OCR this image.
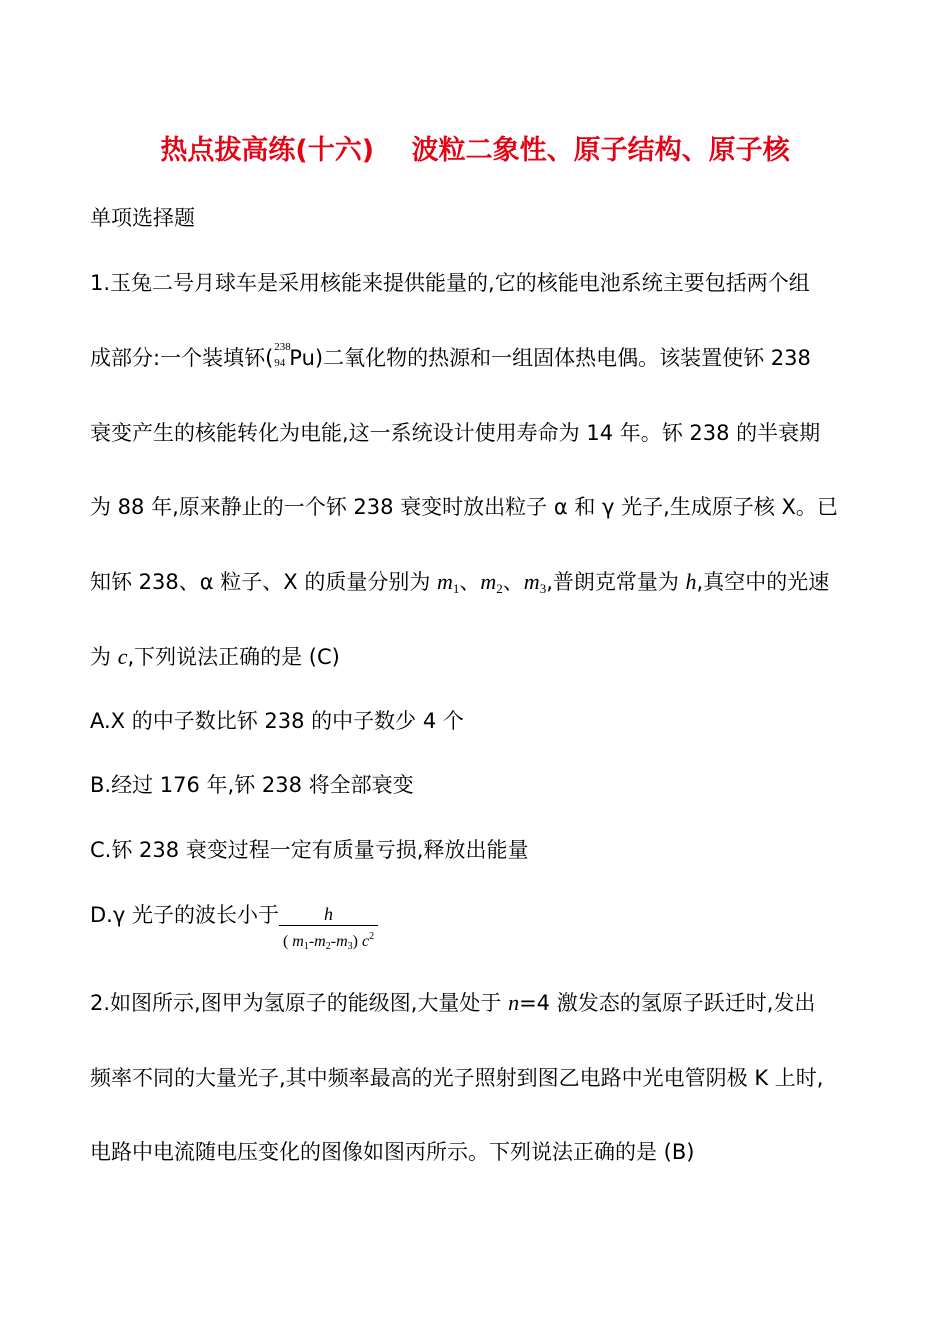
热点拔高练(十六)    波粒二象性、原子结构、原子核
单项选择题
1.玉兔二号月球车是采用核能来提供能量的,它的核能电池系统主要包括两个组
成部分:一个装填钚( 238
94 Pu)二氧化物的热源和一组固体热电偶。该装置使钚 238
衰变产生的核能转化为电能,这一系统设计使用寿命为 14 年。钚 238 的半衰期
为 88 年,原来静止的一个钚 238 衰变时放出粒子 α 和 γ 光子,生成原子核 X。已
知钚 238、α 粒子、X 的质量分别为 $m_1$、$m_2$、$m_3$,普朗克常量为 h,真空中的光速
为 c,下列说法正确的是 (C)
A.X 的中子数比钚 238 的中子数少 4 个
B.经过 176 年,钚 238 将全部衰变
C.钚 238 衰变过程一定有质量亏损,释放出能量
D.γ 光子的波长小于 $\frac{h}{( m1-m2-m3) c^2}$
2.如图所示,图甲为氢原子的能级图,大量处于 n=4 激发态的氢原子跃迁时,发出
频率不同的大量光子,其中频率最高的光子照射到图乙电路中光电管阴极 K 上时,
电路中电流随电压变化的图像如图丙所示。下列说法正确的是 (B)
